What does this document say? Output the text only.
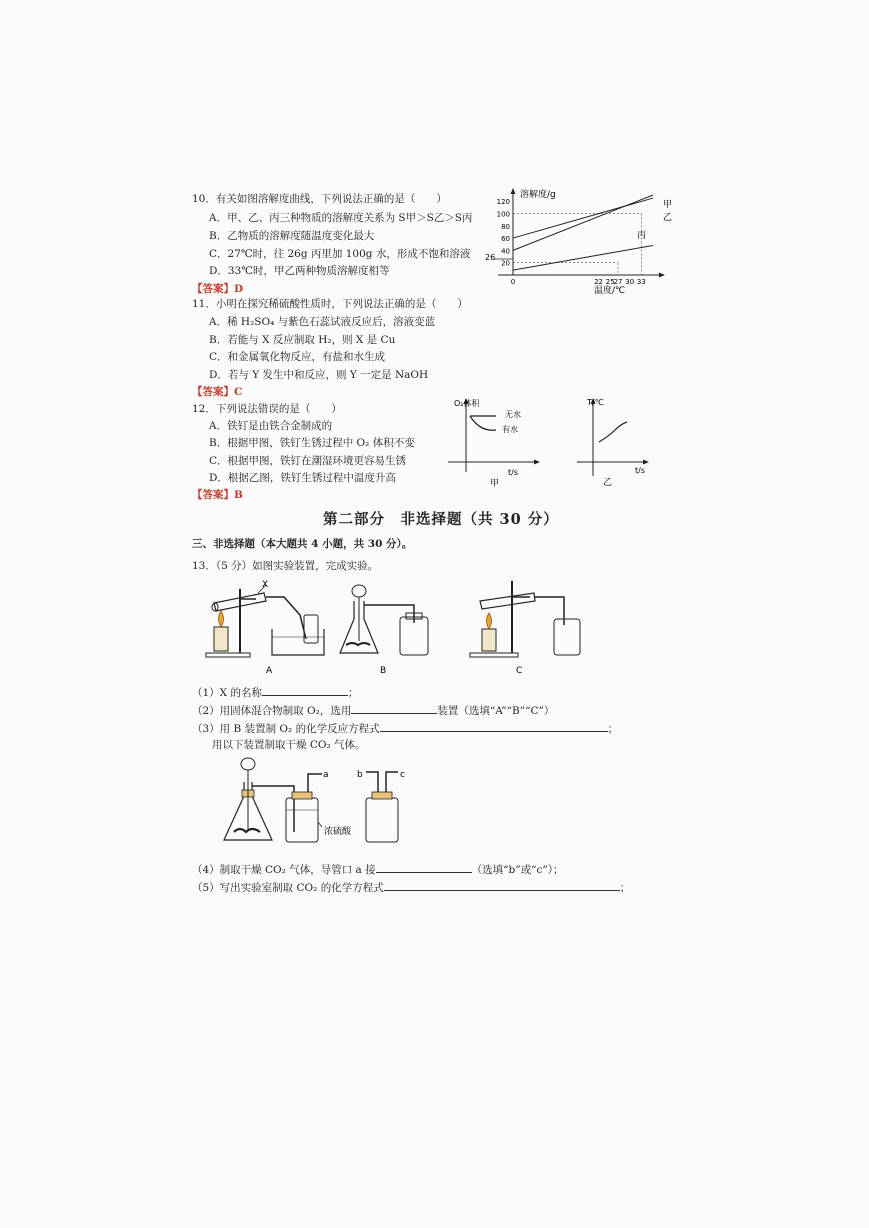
10．有关如图溶解度曲线，下列说法正确的是（　　）
A．甲、乙、丙三种物质的溶解度关系为 S甲＞S乙＞S丙
B．乙物质的溶解度随温度变化最大
C．27℃时，往 26g 丙里加 100g 水，形成不饱和溶液
D．33℃时，甲乙两种物质溶解度相等
【答案】D
溶解度/g
温度/℃
甲
乙
丙
26
120
100
80
60
40
20
0	22 25
27 30 33
11．小明在探究稀硫酸性质时，下列说法正确的是（　　）
A．稀 H₂SO₄ 与紫色石蕊试液反应后，溶液变蓝
B．若能与 X 反应制取 H₂，则 X 是 Cu
C．和金属氧化物反应，有盐和水生成
D．若与 Y 发生中和反应，则 Y 一定是 NaOH
【答案】C
12．下列说法错误的是（　　）
A．铁钉是由铁合金制成的
B．根据甲图，铁钉生锈过程中 O₂ 体积不变
C．根据甲图，铁钉在潮湿环境更容易生锈
D．根据乙图，铁钉生锈过程中温度升高
【答案】B
O₂体积
无水
有水
t/s
甲
T/℃
t/s
乙
第二部分　非选择题（共 30 分）
三、非选择题（本大题共 4 小题，共 30 分）。
13．（5 分）如图实验装置，完成实验。
X
A	B	C
（1）X 的名称	；
（2）用固体混合物制取 O₂，选用	装置（选填“A”“B”“C”）
（3）用 B 装置制 O₂ 的化学反应方程式	；
用以下装置制取干燥 CO₂ 气体。
a
浓硫酸
b	c
（4）制取干燥 CO₂ 气体，导管口 a 接	（选填“b”或“c”）；
（5）写出实验室制取 CO₂ 的化学方程式	；
